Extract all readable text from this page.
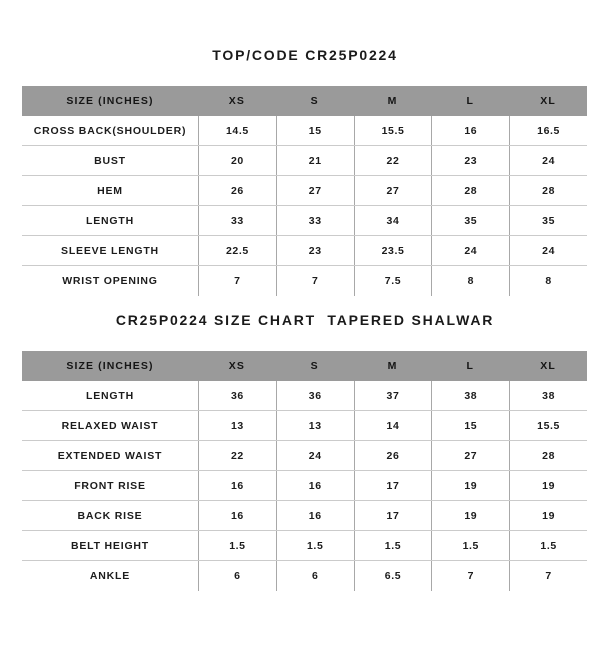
TOP/CODE CR25P0224
SIZE (INCHES)	XS	S	M	L	XL
CROSS BACK(SHOULDER)	14.5	15	15.5	16	16.5
BUST	20	21	22	23	24
HEM	26	27	27	28	28
LENGTH	33	33	34	35	35
SLEEVE LENGTH	22.5	23	23.5	24	24
WRIST OPENING	7	7	7.5	8	8
CR25P0224 SIZE CHART  TAPERED SHALWAR
SIZE (INCHES)	XS	S	M	L	XL
LENGTH	36	36	37	38	38
RELAXED WAIST	13	13	14	15	15.5
EXTENDED WAIST	22	24	26	27	28
FRONT RISE	16	16	17	19	19
BACK RISE	16	16	17	19	19
BELT HEIGHT	1.5	1.5	1.5	1.5	1.5
ANKLE	6	6	6.5	7	7
